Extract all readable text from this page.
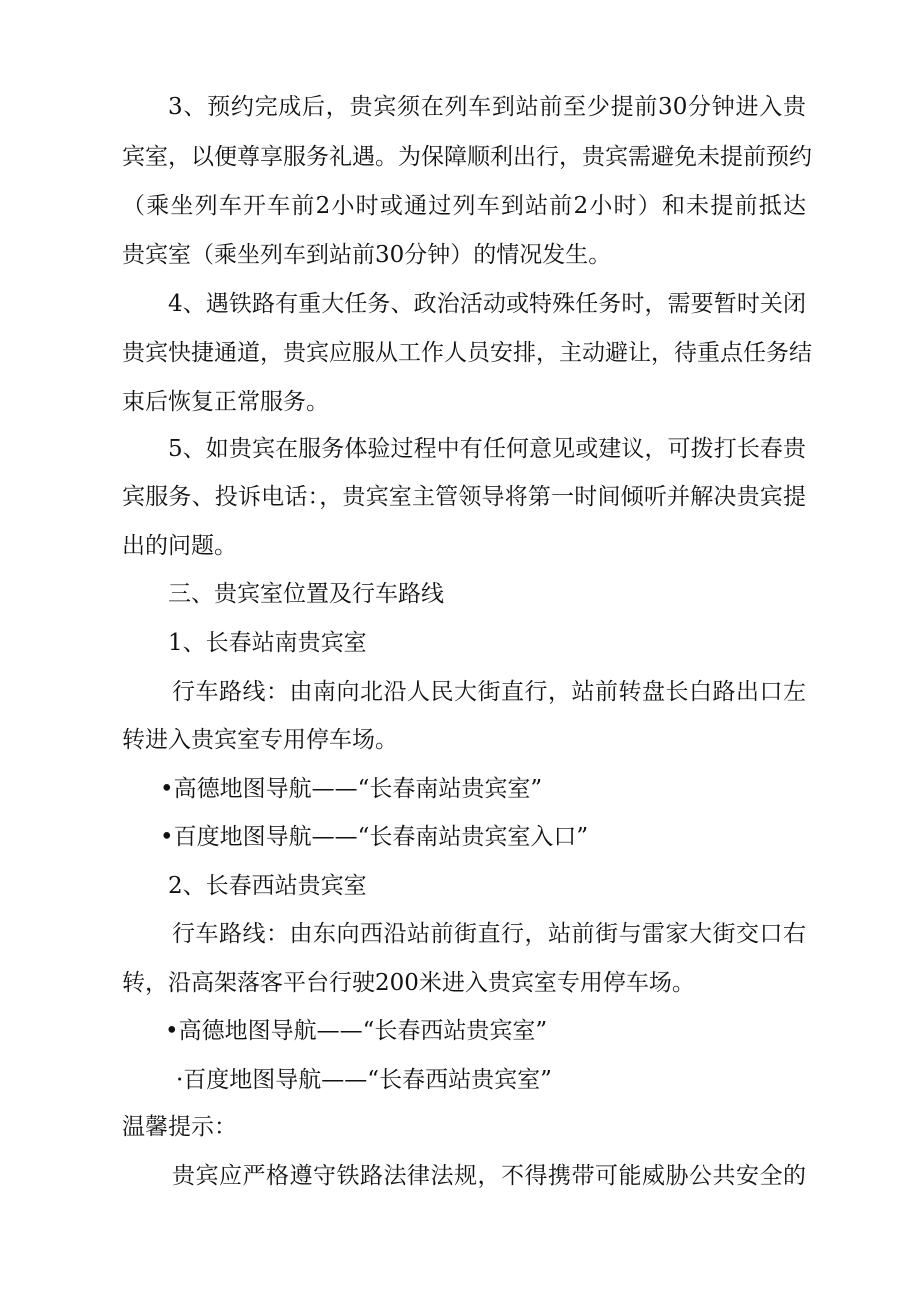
3、预约完成后，贵宾须在列车到站前至少提前30分钟进入贵
宾室，以便尊享服务礼遇。为保障顺利出行，贵宾需避免未提前预约
（乘坐列车开车前2小时或通过列车到站前2小时）和未提前抵达
贵宾室（乘坐列车到站前30分钟）的情况发生。
4、遇铁路有重大任务、政治活动或特殊任务时，需要暂时关闭
贵宾快捷通道，贵宾应服从工作人员安排，主动避让，待重点任务结
束后恢复正常服务。
5、如贵宾在服务体验过程中有任何意见或建议，可拨打长春贵
宾服务、投诉电话：，贵宾室主管领导将第一时间倾听并解决贵宾提
出的问题。
三、贵宾室位置及行车路线
1、长春站南贵宾室
行车路线：由南向北沿人民大街直行，站前转盘长白路出口左
转进入贵宾室专用停车场。
•高德地图导航——“长春南站贵宾室”
•百度地图导航——“长春南站贵宾室入口”
2、长春西站贵宾室
行车路线：由东向西沿站前街直行，站前街与雷家大街交口右
转，沿高架落客平台行驶200米进入贵宾室专用停车场。
•高德地图导航——“长春西站贵宾室”
·百度地图导航——“长春西站贵宾室”
温馨提示：
贵宾应严格遵守铁路法律法规，不得携带可能威胁公共安全的
